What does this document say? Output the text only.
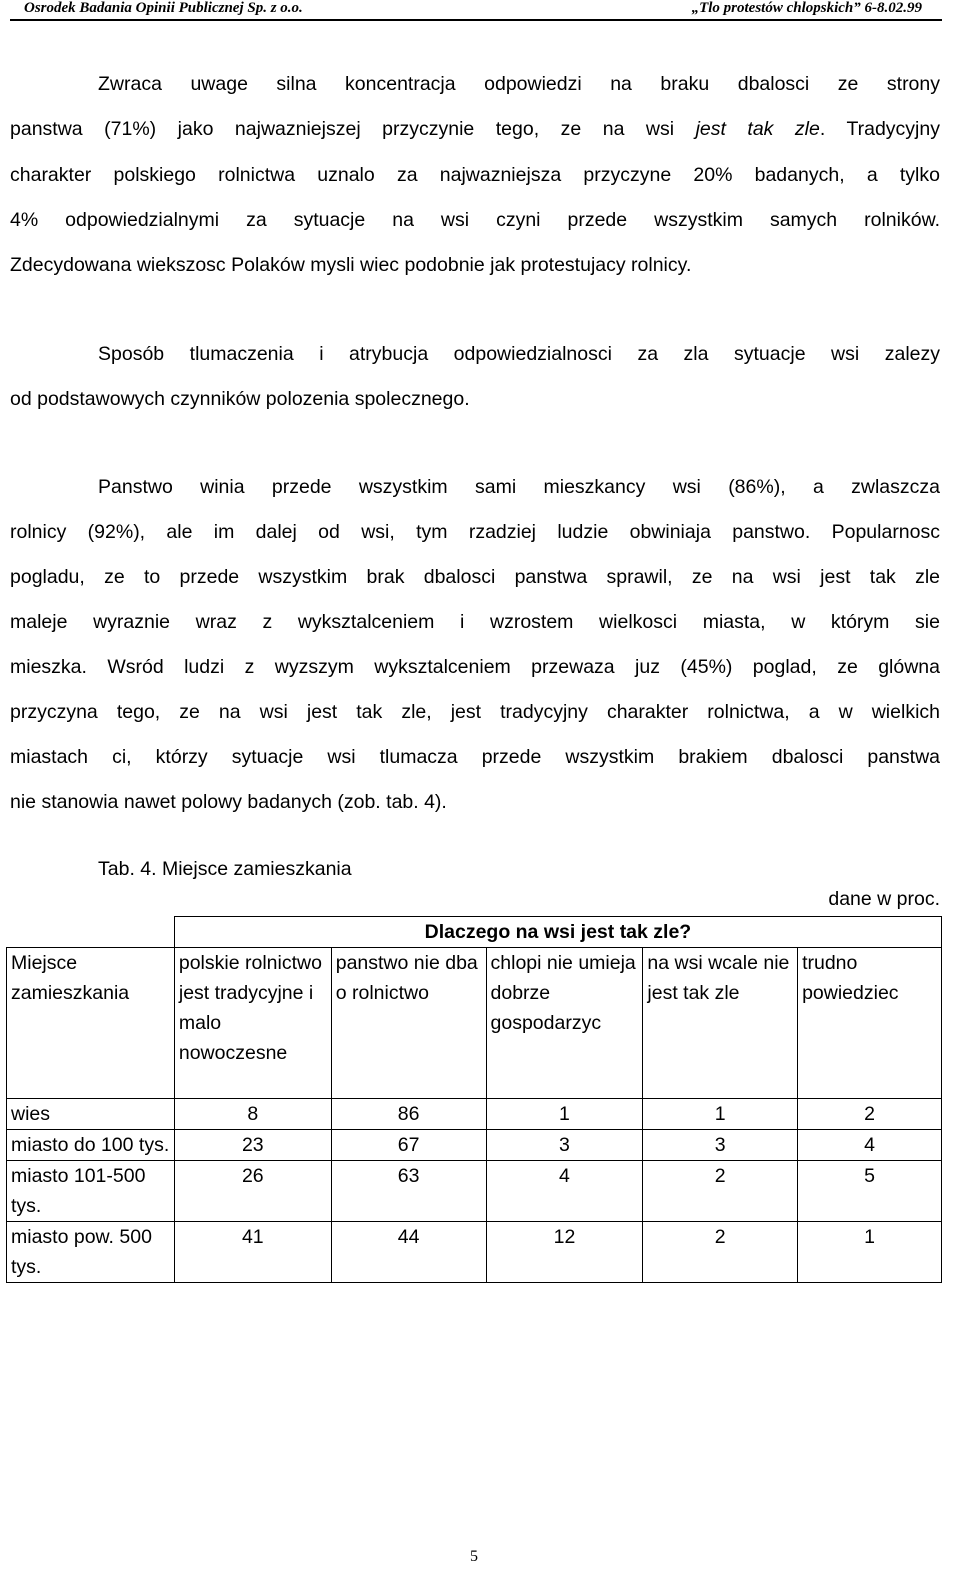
Osrodek Badania Opinii Publicznej Sp. z o.o.	„Tlo protestów chlopskich” 6-8.02.99
Zwraca uwage silna koncentracja odpowiedzi na braku dbalosci ze strony
panstwa (71%) jako najwazniejszej przyczynie tego, ze na wsi jest tak zle. Tradycyjny
charakter polskiego rolnictwa uznalo za najwazniejsza przyczyne 20% badanych, a tylko
4% odpowiedzialnymi za sytuacje na wsi czyni przede wszystkim samych rolników.
Zdecydowana wiekszosc Polaków mysli wiec podobnie jak protestujacy rolnicy.
Sposób tlumaczenia i atrybucja odpowiedzialnosci za zla sytuacje wsi zalezy
od podstawowych czynników polozenia spolecznego.
Panstwo winia przede wszystkim sami mieszkancy wsi (86%), a zwlaszcza
rolnicy (92%), ale im dalej od wsi, tym rzadziej ludzie obwiniaja panstwo. Popularnosc
pogladu, ze to przede wszystkim brak dbalosci panstwa sprawil, ze na wsi jest tak zle
maleje wyraznie wraz z wyksztalceniem i wzrostem wielkosci miasta, w którym sie
mieszka. Wsród ludzi z wyzszym wyksztalceniem przewaza juz (45%) poglad, ze glówna
przyczyna tego, ze na wsi jest tak zle, jest tradycyjny charakter rolnictwa, a w wielkich
miastach ci, którzy sytuacje wsi tlumacza przede wszystkim brakiem dbalosci panstwa
nie stanowia nawet polowy badanych (zob. tab. 4).
Tab. 4. Miejsce zamieszkania
dane w proc.
	Dlaczego na wsi jest tak zle?				
Miejsce zamieszkania	polskie rolnictwo jest tradycyjne i malo nowoczesne	panstwo nie dba o rolnictwo	chlopi nie umieja dobrze gospodarzyc	na wsi wcale nie jest tak zle	trudno powiedziec
wies	8	86	1	1	2
miasto do 100 tys.	23	67	3	3	4
miasto 101-500 tys.	26	63	4	2	5
miasto pow. 500 tys.	41	44	12	2	1
5
